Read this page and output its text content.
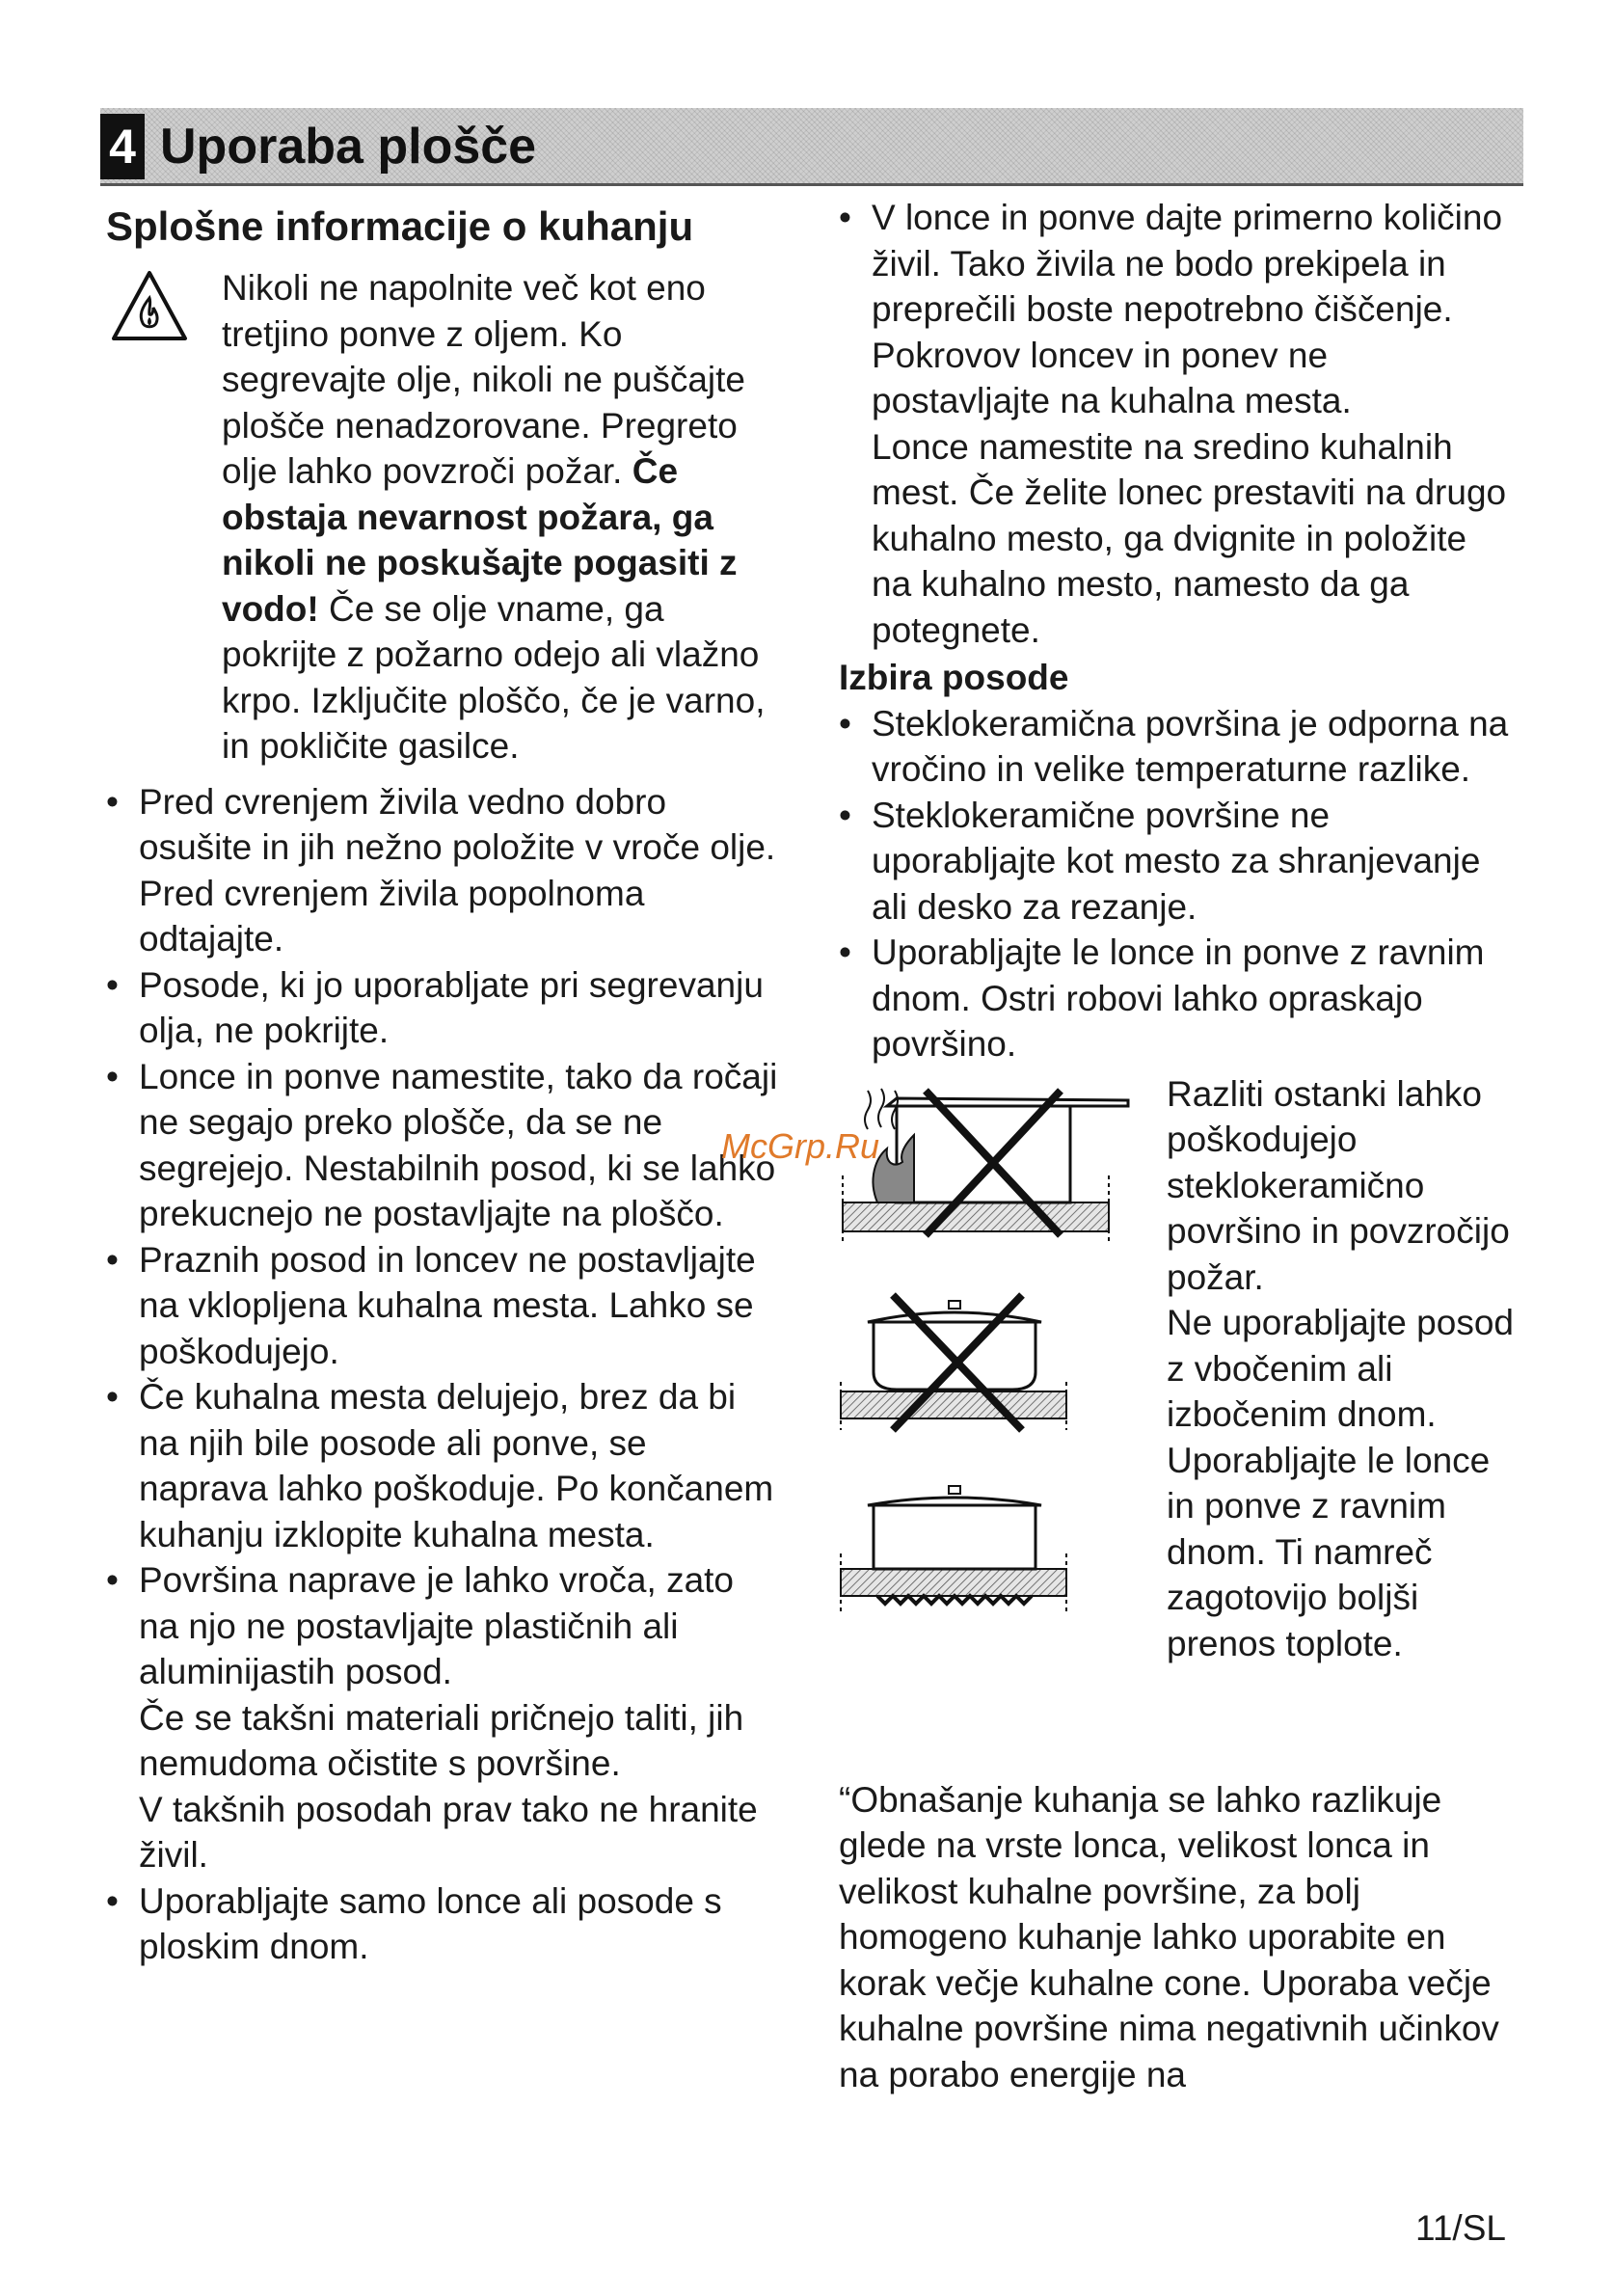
4 Uporaba plošče
Splošne informacije o kuhanju
Nikoli ne napolnite več kot eno tretjino ponve z oljem. Ko segrevajte olje, nikoli ne puščajte plošče nenadzorovane. Pregreto olje lahko povzroči požar. Če obstaja nevarnost požara, ga nikoli ne poskušajte pogasiti z vodo! Če se olje vname, ga pokrijte z požarno odejo ali vlažno krpo. Izključite ploščo, če je varno, in pokličite gasilce.
• Pred cvrenjem živila vedno dobro osušite in jih nežno položite v vroče olje. Pred cvrenjem živila popolnoma odtajajte.

• Posode, ki jo uporabljate pri segrevanju olja, ne pokrijte.

• Lonce in ponve namestite, tako da ročaji ne segajo preko plošče, da se ne segrejejo. Nestabilnih posod, ki se lahko prekucnejo ne postavljajte na ploščo.

• Praznih posod in loncev ne postavljajte na vklopljena kuhalna mesta. Lahko se poškodujejo.

• Če kuhalna mesta delujejo, brez da bi na njih bile posode ali ponve, se naprava lahko poškoduje. Po končanem kuhanju izklopite kuhalna mesta.

• Površina naprave je lahko vroča, zato na njo ne postavljajte plastičnih ali aluminijastih posod.

Če se takšni materiali pričnejo taliti, jih nemudoma očistite s površine.

V takšnih posodah prav tako ne hranite živil.

• Uporabljajte samo lonce ali posode s ploskim dnom.

• V lonce in ponve dajte primerno količino živil. Tako živila ne bodo prekipela in preprečili boste nepotrebno čiščenje.

Pokrovov loncev in ponev ne postavljajte na kuhalna mesta.

Lonce namestite na sredino kuhalnih mest. Če želite lonec prestaviti na drugo kuhalno mesto, ga dvignite in položite na kuhalno mesto, namesto da ga potegnete.

Izbira posode
• Steklokeramična površina je odporna na vročino in velike temperaturne razlike.

• Steklokeramične površine ne uporabljajte kot mesto za shranjevanje ali desko za rezanje.

• Uporabljajte le lonce in ponve z ravnim dnom. Ostri robovi lahko opraskajo površino.

Razliti ostanki lahko poškodujejo steklokeramično površino in povzročijo požar.

Ne uporabljajte posod z vbočenim ali izbočenim dnom.

Uporabljajte le lonce in ponve z ravnim dnom. Ti namreč zagotovijo boljši prenos toplote.

“Obnašanje kuhanja se lahko razlikuje glede na vrste lonca, velikost lonca in velikost kuhalne površine, za bolj homogeno kuhanje lahko uporabite en korak večje kuhalne cone. Uporaba večje kuhalne površine nima negativnih učinkov na porabo energije na

McGrp.Ru
11/SL
